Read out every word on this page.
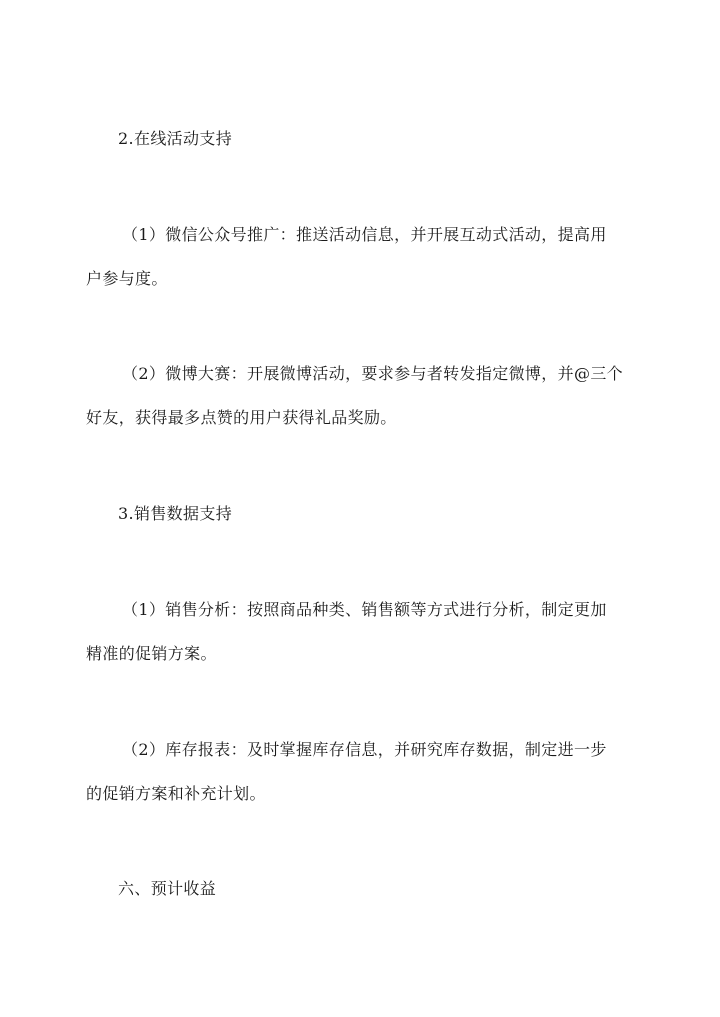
2.在线活动支持
（1）微信公众号推广：推送活动信息，并开展互动式活动，提高用
户参与度。
（2）微博大赛：开展微博活动，要求参与者转发指定微博，并@三个
好友，获得最多点赞的用户获得礼品奖励。
3.销售数据支持
（1）销售分析：按照商品种类、销售额等方式进行分析，制定更加
精准的促销方案。
（2）库存报表：及时掌握库存信息，并研究库存数据，制定进一步
的促销方案和补充计划。
六、预计收益
